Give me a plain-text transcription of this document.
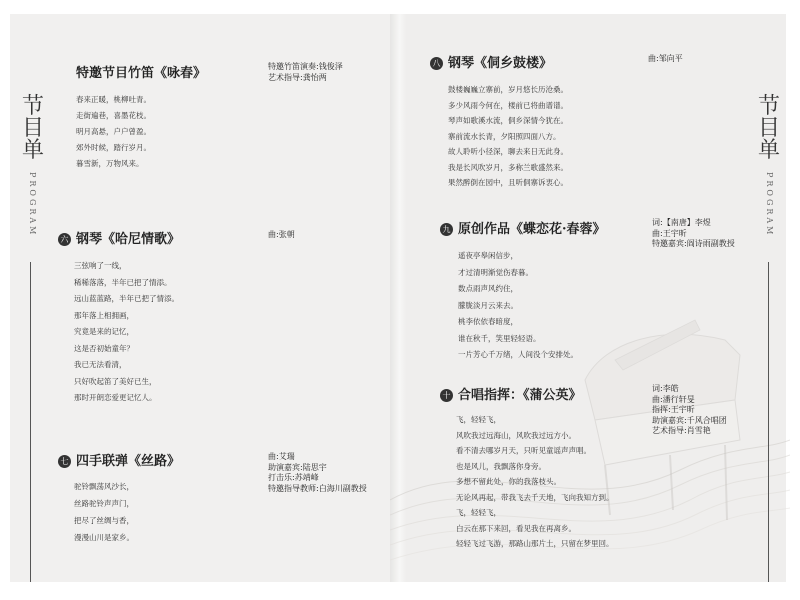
节
目
单
PROGRAM
节
目
单
PROGRAM
特邀节目竹笛《咏春》	特邀竹笛演奏:钱俊泽
艺术指导:龚怡两
春来正暖，桃柳吐青。
走街遍巷，喜墨花枝。
明月高悬，户户曾盈。
郊外时候，踏行岁月。
暮雪新，万物风来。
六 钢琴《哈尼情歌》	曲:张朝
三弦响了一线，
稀稀落落，半年已把了情添。
远山蓝蓝路，半年已把了情添。
那年落上相拥画，
究竟是来的记忆，
这是否初始童年？
我已无法看清，
只好吹起笛了美好已生，
那时开朗恋爱更记忆人。
七 四手联弹《丝路》	曲:艾瑞
助演嘉宾:陆思宇
打击乐:苏靖峰
特邀指导教师:白海川副教授
驼铃飘荡风沙长，
丝路驼铃声声门，
把尽了丝绸与香，
漫漫山川是家乡。
八 钢琴《侗乡鼓楼》	曲:邹向平
鼓楼巍巍立寨前，岁月悠长历沧桑。
多少风雨今何在，楼前已将曲谱谱。
琴声如歌溪水流，侗乡深情今犹在。
寨前流水长青，夕阳照四面八方。
故人聆听小径深，聊去来日无此身。
我是长风吹岁月，多称兰歌盛然来。
果然醉倒在园中，且听侗寨诉衷心。
九 原创作品《蝶恋花·春蓉》	词:【南唐】李煜
曲:王宇昕
特邀嘉宾:阎诗雨副教授
遥夜亭皋闲信步，
才过清明渐觉伤春暮。
数点雨声风约住，
朦胧淡月云来去。
桃李依依春暗度，
谁在秋千，笑里轻轻语。
一片芳心千万绪，人间没个安排处。
十 合唱指挥：《蒲公英》	词:李皓
曲:潘行轩旻
指挥:王宇昕
助演嘉宾:千风合唱团
艺术指导:肖雪艳
飞，轻轻飞，
风吹我过远海山，风吹我过远方小。
看不清去哪岁月天，只听见童谣声声唱。
也是风儿，我飘落你身旁。
多想不留此处，你的我落枝头。
无论风再起，带我飞去千天地，飞向我知方到。
飞，轻轻飞，
白云在那下来回，看见我在再离乡。
轻轻飞过飞游，那路山那片土，只留在梦里回。
